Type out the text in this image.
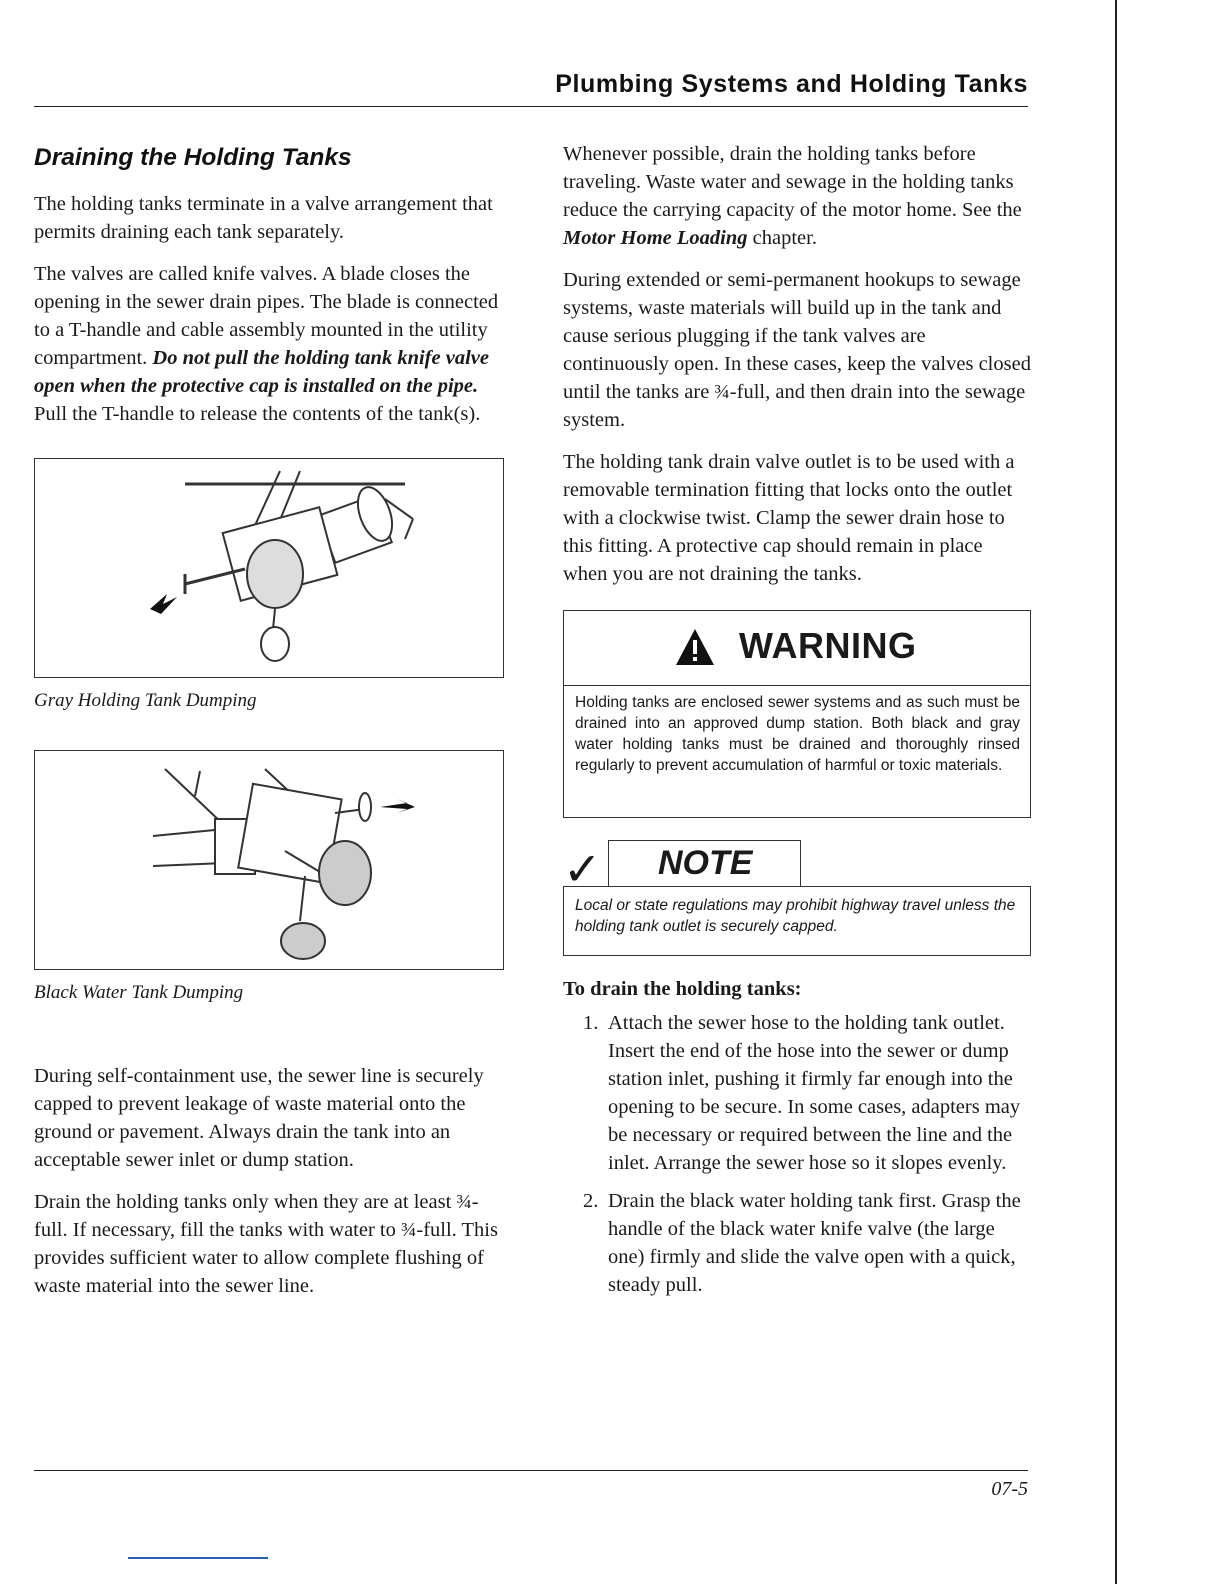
Plumbing Systems and Holding Tanks
Draining the Holding Tanks

The holding tanks terminate in a valve arrangement that permits draining each tank separately.

The valves are called knife valves. A blade closes the opening in the sewer drain pipes. The blade is connected to a T-handle and cable assembly mounted in the utility compartment. Do not pull the holding tank knife valve open when the protective cap is installed on the pipe. Pull the T-handle to release the contents of the tank(s).

Gray Holding Tank Dumping
Black Water Tank Dumping

During self-containment use, the sewer line is securely capped to prevent leakage of waste material onto the ground or pavement. Always drain the tank into an acceptable sewer inlet or dump station.

Drain the holding tanks only when they are at least ¾-full. If necessary, fill the tanks with water to ¾-full. This provides sufficient water to allow complete flushing of waste material into the sewer line.

Whenever possible, drain the holding tanks before traveling. Waste water and sewage in the holding tanks reduce the carrying capacity of the motor home. See the Motor Home Loading chapter.

During extended or semi-permanent hookups to sewage systems, waste materials will build up in the tank and cause serious plugging if the tank valves are continuously open. In these cases, keep the valves closed until the tanks are ¾-full, and then drain into the sewage system.

The holding tank drain valve outlet is to be used with a removable termination fitting that locks onto the outlet with a clockwise twist. Clamp the sewer drain hose to this fitting. A protective cap should remain in place when you are not draining the tanks.

WARNING
Holding tanks are enclosed sewer systems and as such must be drained into an approved dump station. Both black and gray water holding tanks must be drained and thoroughly rinsed regularly to prevent accumulation of harmful or toxic materials.
✓ NOTE
Local or state regulations may prohibit highway travel unless the holding tank outlet is securely capped.
To drain the holding tanks:
1. Attach the sewer hose to the holding tank outlet. Insert the end of the hose into the sewer or dump station inlet, pushing it firmly far enough into the opening to be secure. In some cases, adapters may be necessary or required between the line and the inlet. Arrange the sewer hose so it slopes evenly.
2. Drain the black water holding tank first. Grasp the handle of the black water knife valve (the large one) firmly and slide the valve open with a quick, steady pull.
07-5
